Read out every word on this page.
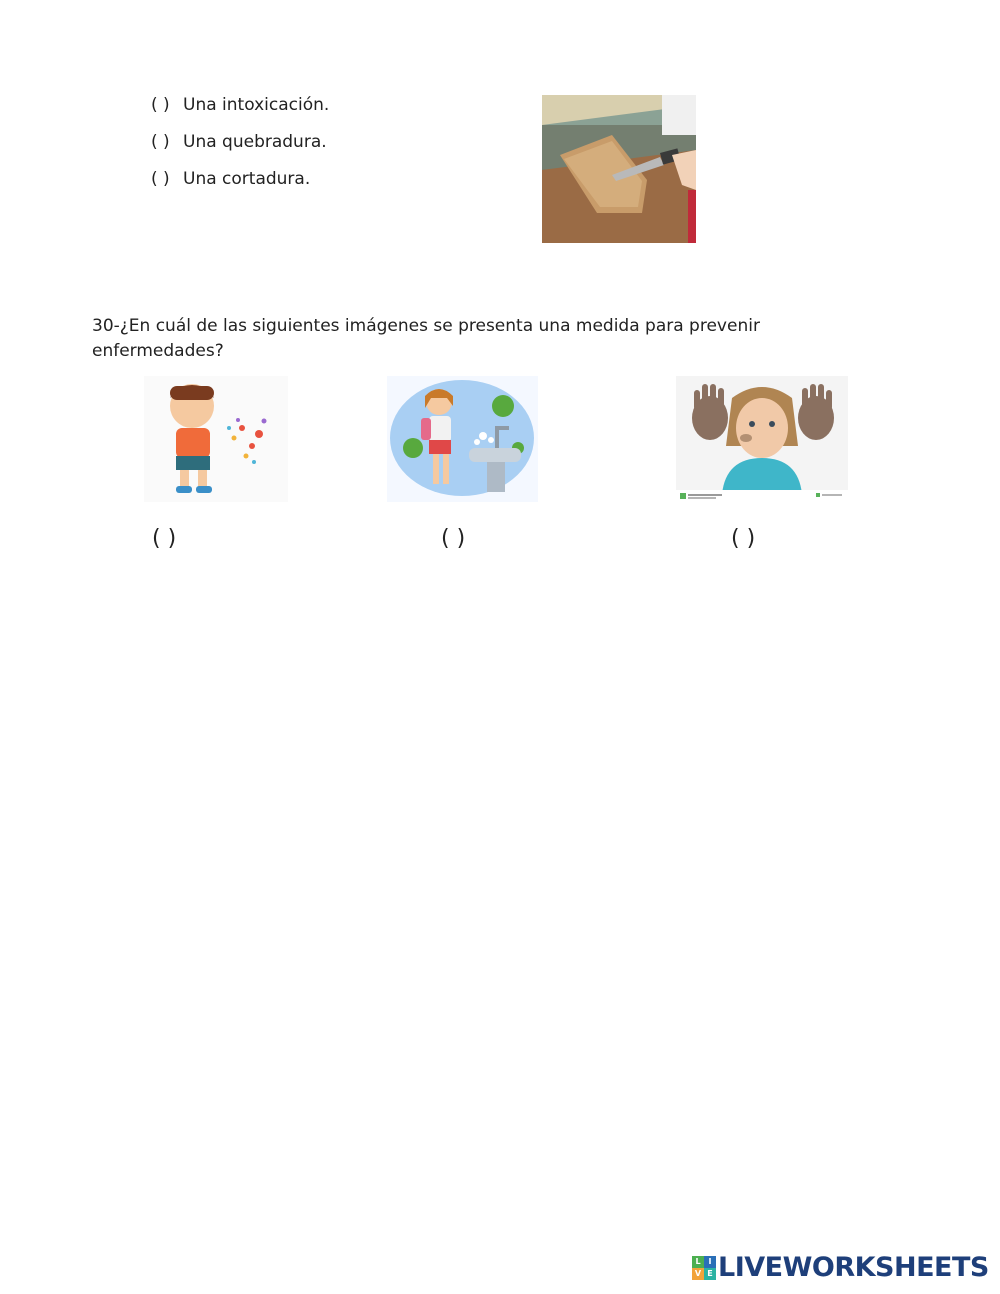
( ) Una intoxicación.
( ) Una quebradura.
( ) Una cortadura.
30-¿En cuál de las siguientes imágenes se presenta una medida para prevenir enfermedades?
( )	( )	( )
L I
V E LIVEWORKSHEETS
